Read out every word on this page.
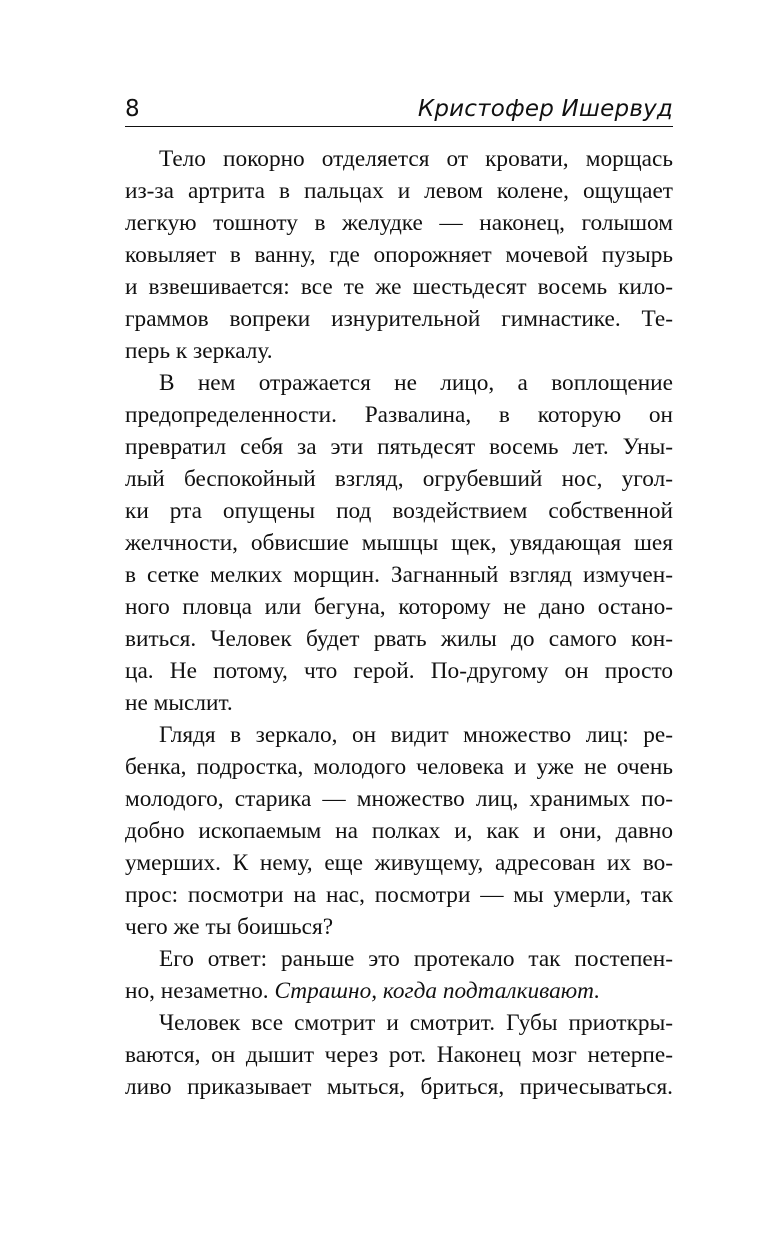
8	Кристофер Ишервуд
Тело покорно отделяется от кровати, морщась
из-за артрита в пальцах и левом колене, ощущает
легкую тошноту в желудке — наконец, голышом
ковыляет в ванну, где опорожняет мочевой пузырь
и взвешивается: все те же шестьдесят восемь кило-
граммов вопреки изнурительной гимнастике. Те-
перь к зеркалу.
В нем отражается не лицо, а воплощение
предопределенности. Развалина, в которую он
превратил себя за эти пятьдесят восемь лет. Уны-
лый беспокойный взгляд, огрубевший нос, угол-
ки рта опущены под воздействием собственной
желчности, обвисшие мышцы щек, увядающая шея
в сетке мелких морщин. Загнанный взгляд измучен-
ного пловца или бегуна, которому не дано остано-
виться. Человек будет рвать жилы до самого кон-
ца. Не потому, что герой. По-другому он просто
не мыслит.
Глядя в зеркало, он видит множество лиц: ре-
бенка, подростка, молодого человека и уже не очень
молодого, старика — множество лиц, хранимых по-
добно ископаемым на полках и, как и они, давно
умерших. К нему, еще живущему, адресован их во-
прос: посмотри на нас, посмотри — мы умерли, так
чего же ты боишься?
Его ответ: раньше это протекало так постепен-
но, незаметно. Страшно, когда подталкивают.
Человек все смотрит и смотрит. Губы приоткры-
ваются, он дышит через рот. Наконец мозг нетерпе-
ливо приказывает мыться, бриться, причесываться.
